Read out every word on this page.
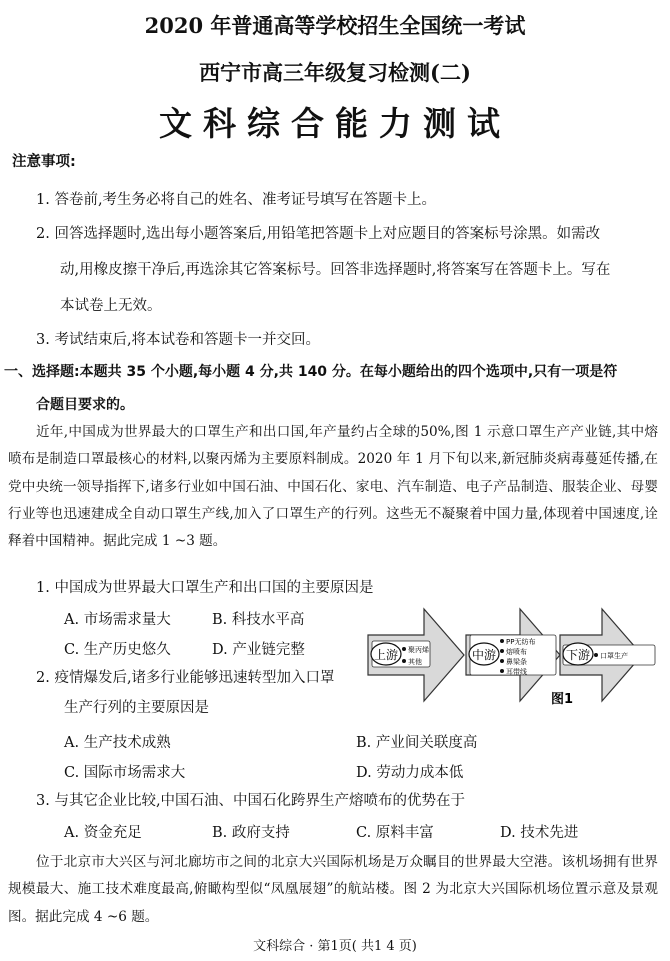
2020 年普通高等学校招生全国统一考试
西宁市高三年级复习检测(二)
文科综合能力测试
注意事项:
1. 答卷前,考生务必将自己的姓名、准考证号填写在答题卡上。
2. 回答选择题时,选出每小题答案后,用铅笔把答题卡上对应题目的答案标号涂黑。如需改
动,用橡皮擦干净后,再选涂其它答案标号。回答非选择题时,将答案写在答题卡上。写在
本试卷上无效。
3. 考试结束后,将本试卷和答题卡一并交回。
一、选择题:本题共 35 个小题,每小题 4 分,共 140 分。在每小题给出的四个选项中,只有一项是符
合题目要求的。
近年,中国成为世界最大的口罩生产和出口国,年产量约占全球的50%,图 1 示意口罩生产产业链,其中熔喷布是制造口罩最核心的材料,以聚丙烯为主要原料制成。2020 年 1 月下旬以来,新冠肺炎病毒蔓延传播,在党中央统一领导指挥下,诸多行业如中国石油、中国石化、家电、汽车制造、电子产品制造、服装企业、母婴行业等也迅速建成全自动口罩生产线,加入了口罩生产的行列。这些无不凝聚着中国力量,体现着中国速度,诠释着中国精神。据此完成 1 ~3 题。
1. 中国成为世界最大口罩生产和出口国的主要原因是
A. 市场需求量大	B. 科技水平高
C. 生产历史悠久	D. 产业链完整
2. 疫情爆发后,诸多行业能够迅速转型加入口罩
生产行列的主要原因是
A. 生产技术成熟	B. 产业间关联度高
C. 国际市场需求大	D. 劳动力成本低
3. 与其它企业比较,中国石油、中国石化跨界生产熔喷布的优势在于
A. 资金充足	B. 政府支持	C. 原料丰富	D. 技术先进
位于北京市大兴区与河北廊坊市之间的北京大兴国际机场是万众瞩目的世界最大空港。该机场拥有世界规模最大、施工技术难度最高,俯瞰构型似“凤凰展翅”的航站楼。图 2 为北京大兴国际机场位置示意及景观图。据此完成 4 ~6 题。
上游	中游	下游
聚丙烯
其他
PP无纺布
熔喷布
鼻梁条
耳带线
口罩生产
图1
文科综合 · 第1页( 共1 4 页)
